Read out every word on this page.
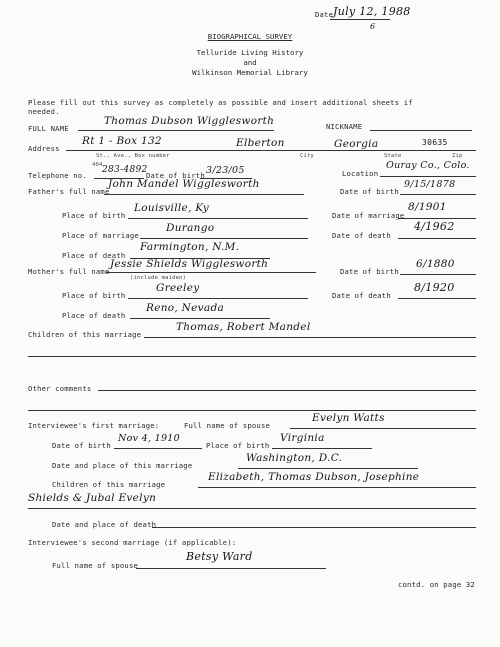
Date July 12, 1988
6
BIOGRAPHICAL SURVEY
Telluride Living History
and
Wilkinson Memorial Library
Please fill out this survey as completely as possible and insert additional sheets if needed.
FULL NAME
Thomas Dubson Wigglesworth	NICKNAME
Address
Rt 1 - Box 132	Elberton	Georgia	30635
St., Ave., Box number	City	State	Zip
Telephone no.
404 283-4892
Date of birth 3/23/05	Location
Ouray Co., Colo.
Father's full name
John Mandel Wigglesworth
Date of birth
9/15/1878
Place of birth
Louisville, Ky
Date of marriage
8/1901
Place of marriage
Durango
Date of death
4/1962
Place of death
Farmington, N.M.
Mother's full name
Jessie Shields Wigglesworth
(include maiden)
Date of birth
6/1880
Place of birth
Greeley
Date of death
8/1920
Place of death
Reno, Nevada
Children of this marriage
Thomas, Robert Mandel
Other comments
Interviewee's first marriage:	Full name of spouse
Evelyn Watts
Date of birth
Nov 4, 1910
Place of birth
Virginia
Date and place of this marriage
Washington, D.C.
Children of this marriage
Elizabeth, Thomas Dubson, Josephine
Shields & Jubal Evelyn
Date and place of death
Interviewee's second marriage (if applicable):
Full name of spouse
Betsy Ward
contd. on page 32
